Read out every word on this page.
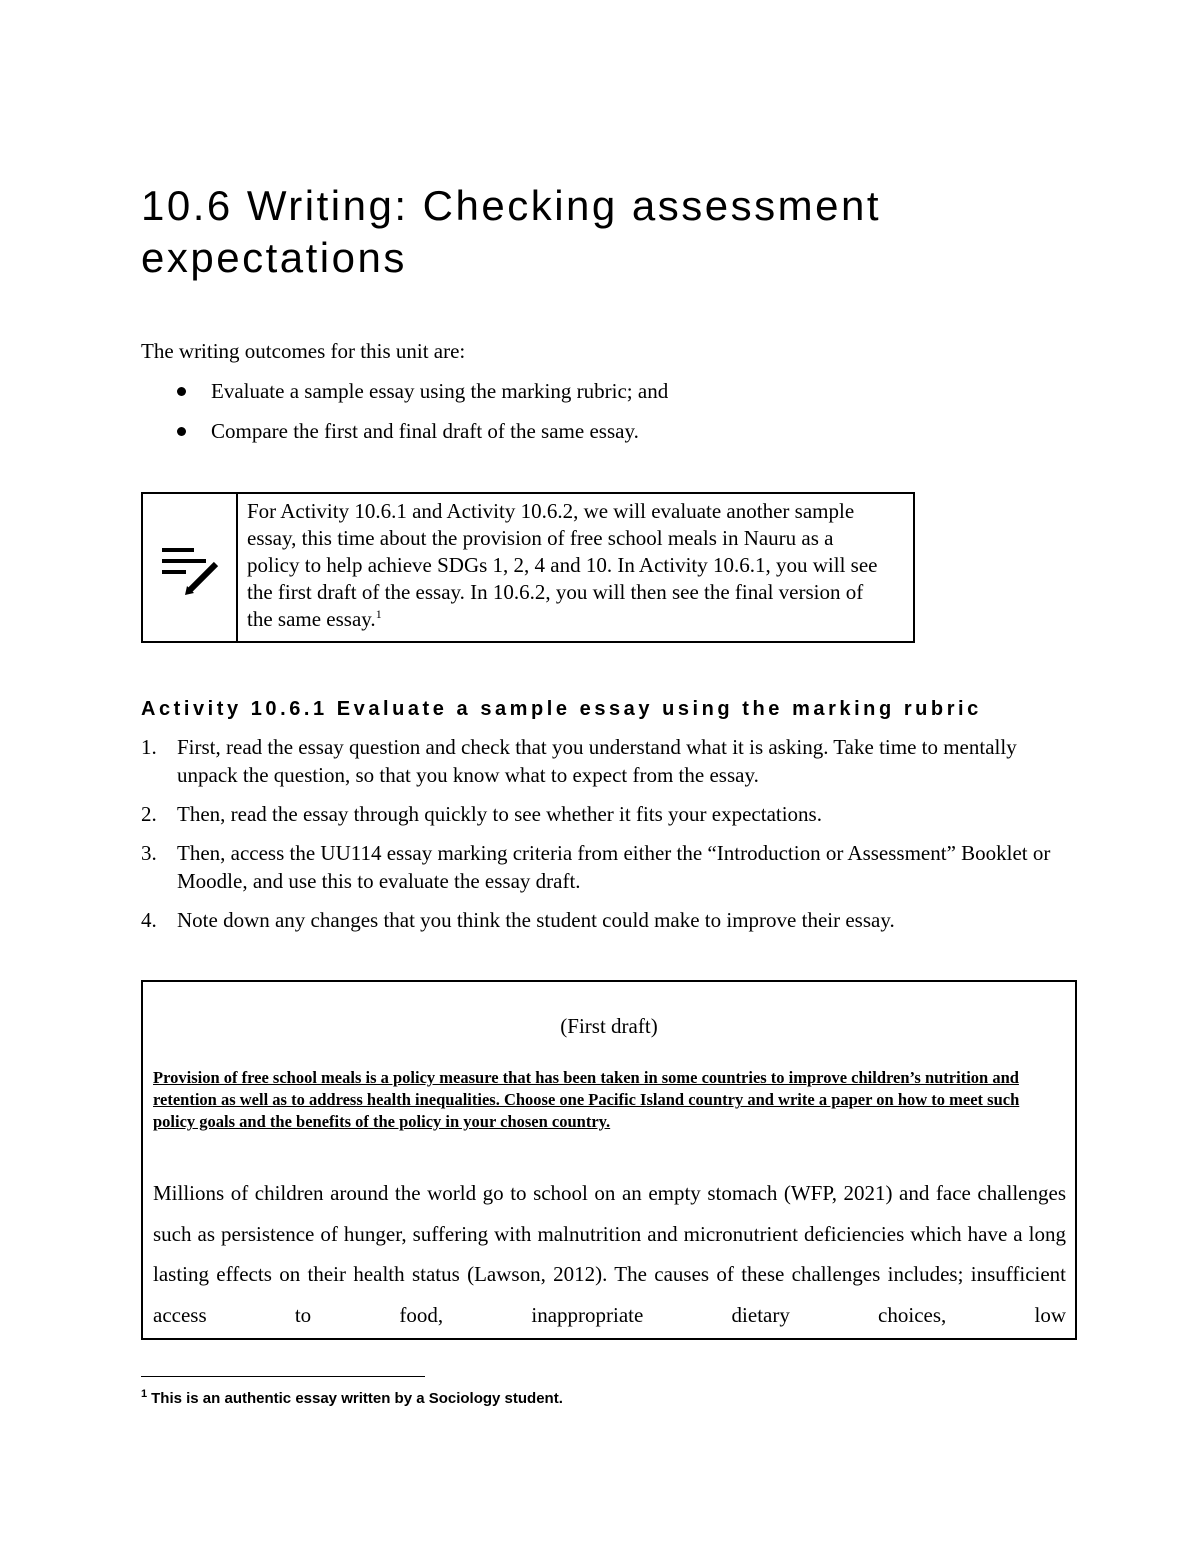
10.6 Writing: Checking assessment expectations

The writing outcomes for this unit are:

Evaluate a sample essay using the marking rubric; and
Compare the first and final draft of the same essay.

For Activity 10.6.1 and Activity 10.6.2, we will evaluate another sample essay, this time about the provision of free school meals in Nauru as a policy to help achieve SDGs 1, 2, 4 and 10. In Activity 10.6.1, you will see the first draft of the essay. In 10.6.2, you will then see the final version of the same essay.$^1$

Activity 10.6.1 Evaluate a sample essay using the marking rubric
1. First, read the essay question and check that you understand what it is asking. Take time to mentally unpack the question, so that you know what to expect from the essay.
2. Then, read the essay through quickly to see whether it fits your expectations.
3. Then, access the UU114 essay marking criteria from either the “Introduction or Assessment” Booklet or Moodle, and use this to evaluate the essay draft.
4. Note down any changes that you think the student could make to improve their essay.

(First draft)

Provision of free school meals is a policy measure that has been taken in some countries to improve children’s nutrition and retention as well as to address health inequalities. Choose one Pacific Island country and write a paper on how to meet such policy goals and the benefits of the policy in your chosen country.

Millions of children around the world go to school on an empty stomach (WFP, 2021) and face challenges such as persistence of hunger, suffering with malnutrition and micronutrient deficiencies which have a long lasting effects on their health status (Lawson, 2012). The causes of these challenges includes; insufficient access to food, inappropriate dietary choices, low

$^1$ This is an authentic essay written by a Sociology student.
